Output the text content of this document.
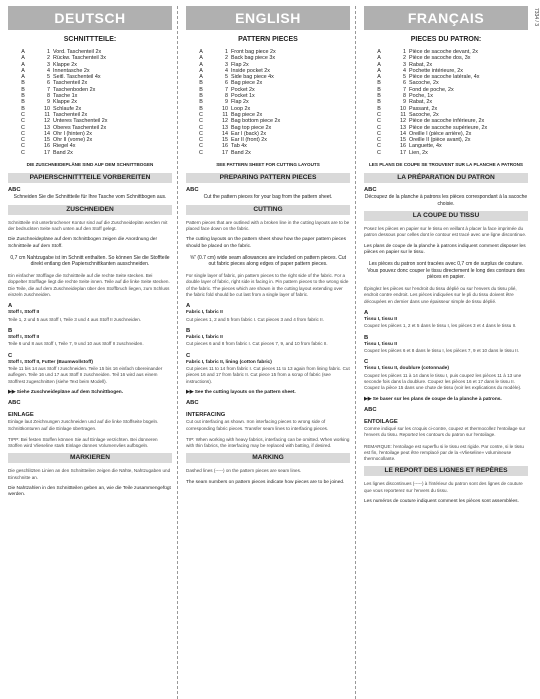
7334 / 3
DEUTSCH
SCHNITTTEILE:
A	1 Vord. Taschenteil 2x
A	2 Rückw. Taschenteil 3x
A	3 Klappe 2x
A	4 Innentasche 2x
A	5 Seitl. Taschenteil 4x
B	6 Taschenteil 2x
B	7 Taschenboden 2x
B	8 Tasche 1x
B	9 Klappe 2x
B	10 Schlaufe 2x
C	11 Taschenteil 2x
C	12 Unteres Taschenteil 2x
C	13 Oberes Taschenteil 2x
C	14 Ohr I (hinten) 2x
C	15 Ohr II (vorne) 2x
C	16 Riegel 4x
C	17 Band 2x
DIE ZUSCHNEIDEPLÄNE SIND AUF DEM SCHNITTBOGEN
PAPIERSCHNITTTEILE VORBEREITEN
ABC
Schneiden Sie die Schnittteile für Ihre Tasche vom Schnittbogen aus.
ZUSCHNEIDEN
Schnittteile mit unterbrochener Kontur sind auf die Zuschneideplän werden mit der bedruckten Seite nach unten auf den Stoff gelegt.
Die Zuschneidepläne auf dem Schnittbogen zeigen die Anordnung der Schnittteile auf dem Stoff.
0,7 cm Nahtzugabe ist im Schnitt enthalten. So können Sie die Stoffteile direkt entlang den Papierschnittkanten ausschneiden.
Ein einfacher Stofflage die Schnittteile auf die rechte Seite stecken. Bei doppelter Stofflage liegt die rechte Seite innen. Teile auf die linke Seite stecken. Die Teile, die auf dem Zuschneideplan über den Stoffbruch liegen, zum Schluss einzeln zuschneiden.
A
Stoff I, Stoff II
Teile 1, 2 und 5 aus Stoff I, Teile 3 und 4 aus Stoff II zuschneiden.
B
Stoff I, Stoff II
Teile 6 und 8 aus Stoff I, Teile 7, 9 und 10 aus Stoff II zuschneiden.
C
Stoff I, Stoff II, Futter (Baumwollstoff)
Teile 11 bis 14 aus Stoff I zuschneiden. Teile 15 bis 16 einfach übereinander auflegen. Teile 16 und 17 aus Stoff II zuschneiden. Teil 16 wird aus einem Stoffrest zugeschnitten (siehe Text beim Modell).
▶▶ Siehe Zuschneidepläne auf dem Schnittbogen.
ABC
EINLAGE
Einlage laut Zeichnungen zuschneiden und auf die linke Stoffseite bügeln. Schnittkonturen auf die Einlage übertragen.
TIPP: Bei festen Stoffen können Sie auf Einlage verzichten. Bei dünneren Stoffen wird Vlieseline stark Einlage dünnes Volumenvlies aufbügeln.
MARKIEREN
Die geschlitzten Linien an den Schnittteilen zeigen die Nähte, Nahtzugaben und Einschnitte an.
Die Nahtzahlen in den Schnittteilen geben an, wie die Teile zusammengefügt werden.
ENGLISH
PATTERN PIECES
A	1 Front bag piece 2x
A	2 Back bag piece 3x
A	3 Flap 2x
A	4 Inside pocket 2x
A	5 Side bag piece 4x
B	6 Bag piece 2x
B	7 Pocket 2x
B	8 Pocket 1x
B	9 Flap 2x
B	10 Loop 2x
C	11 Bag piece 2x
C	12 Bag bottom piece 2x
C	13 Bag top piece 2x
C	14 Ear I (back) 2x
C	15 Ear II (front) 2x
C	16 Tab 4x
C	17 Band 2x
SEE PATTERN SHEET FOR CUTTING LAYOUTS
PREPARING PATTERN PIECES
ABC
Cut the pattern pieces for your bag from the pattern sheet.
CUTTING
Pattern pieces that are outlined with a broken line in the cutting layouts are to be placed face down on the fabric.
The cutting layouts on the pattern sheet show how the paper pattern pieces should be placed on the fabric.
⅝" (0.7 cm) wide seam allowances are included on pattern pieces. Cut out fabric pieces along edges of paper pattern pieces.
For single layer of fabric, pin pattern pieces to the right side of the fabric. For a double layer of fabric, right side is facing in. Pin pattern pieces to the wrong side of the fabric. The pieces which are shown in the cutting layout extending over the fabric fold should be cut last from a single layer of fabric.
A
Fabric I, fabric II
Cut pieces 1, 2 and 5 from fabric I. Cut pieces 3 and 4 from fabric II.
B
Fabric I, fabric II
Cut pieces 6 and 8 from fabric I. Cut pieces 7, 9, and 10 from fabric II.
C
Fabric I, fabric II, lining (cotton fabric)
Cut pieces 11 to 14 from fabric I. Cut pieces 11 to 13 again from lining fabric. Cut pieces 16 and 17 from fabric II. Cut piece 15 from a scrap of fabric (see instructions).
▶▶ See the cutting layouts on the pattern sheet.
ABC
INTERFACING
Cut out interfacing as shown. Iron interfacing pieces to wrong side of corresponding fabric pieces. Transfer seam lines to interfacing pieces.
TIP: When working with heavy fabrics, interfacing can be omitted. When working with thin fabrics, the interfacing may be replaced with batting, if desired.
MARKING
Dashed lines (-----) on the pattern pieces are seam lines.
The seam numbers on pattern pieces indicate how pieces are to be joined.
FRANÇAIS
PIECES DU PATRON:
A	1 Pièce de sacoche devant, 2x
A	2 Pièce de sacoche dos, 3x
A	3 Rabat, 2x
A	4 Pochette intérieure, 2x
A	5 Pièce de sacoche latérale, 4x
B	6 Sacoche, 2x
B	7 Fond de poche, 2x
B	8 Poche, 1x
B	9 Rabat, 2x
B	10 Passant, 2x
C	11 Sacoche, 2x
C	12 Pièce de sacoche inférieure, 2x
C	13 Pièce de sacoche supérieure, 2x
C	14 Oreille I (pièce arrière), 2x
C	15 Oreille II (pièce avant), 2x
C	16 Languette, 4x
C	17 Lien, 2x
LES PLANS DE COUPE SE TROUVENT SUR LA PLANCHE A PATRONS
LA PRÉPARATION DU PATRON
ABC
Découpez de la planche à patrons les pièces correspondant à la sacoche choisie.
LA COUPE DU TISSU
Posez les pièces en papier sur le tissu en veillant à placer la face imprimée du patron dessous pour celles dont le contour est tracé avec une ligne discontinue.
Les plans de coupe de la planche à patrons indiquent comment disposer les pièces en papier sur le tissu.
Les pièces du patron sont tracées avec 0,7 cm de surplus de couture. Vous pouvez donc couper le tissu directement le long des contours des pièces en papier.
Épinglez les pièces sur l'endroit du tissu déplié ou sur l'envers du tissu plié, endroit contre endroit. Les pièces indiquées sur le pli du tissu doivent être découpées en dernier dans une épaisseur simple de tissu déplié.
A
Tissu I, tissu II
Coupez les pièces 1, 2 et 5 dans le tissu I, les pièces 3 et 4 dans le tissu II.
B
Tissu I, tissu II
Coupez les pièces 6 et 8 dans le tissu I, les pièces 7, 9 et 10 dans le tissu II.
C
Tissu I, tissu II, doublure (cotonnade)
Coupez les pièces 11 à 14 dans le tissu I, puis coupez les pièces 11 à 13 une seconde fois dans la doublure. Coupez les pièces 16 et 17 dans le tissu II. Coupez la pièce 15 dans une chute de tissu (voir les explications du modèle).
▶▶ Se baser sur les plans de coupe de la planche à patrons.
ABC
ENTOILAGE
Comme indiqué sur les croquis ci-contre, coupez et thermocollez l'entoilage sur l'envers du tissu. Reportez les contours du patron sur l'entoilage.
REMARQUE: l'entoilage est superflu si le tissu est rigide. Par contre, si le tissu est fin, l'entoilage peut être remplacé par de la «Vlieseline» volumineuse thermocollante.
LE REPORT DES LIGNES ET REPÈRES
Les lignes discontinues (-----) à l'intérieur du patron sont des lignes de couture que vous reporterez sur l'envers du tissu.
Les numéros de couture indiquent comment les pièces sont assemblées.
